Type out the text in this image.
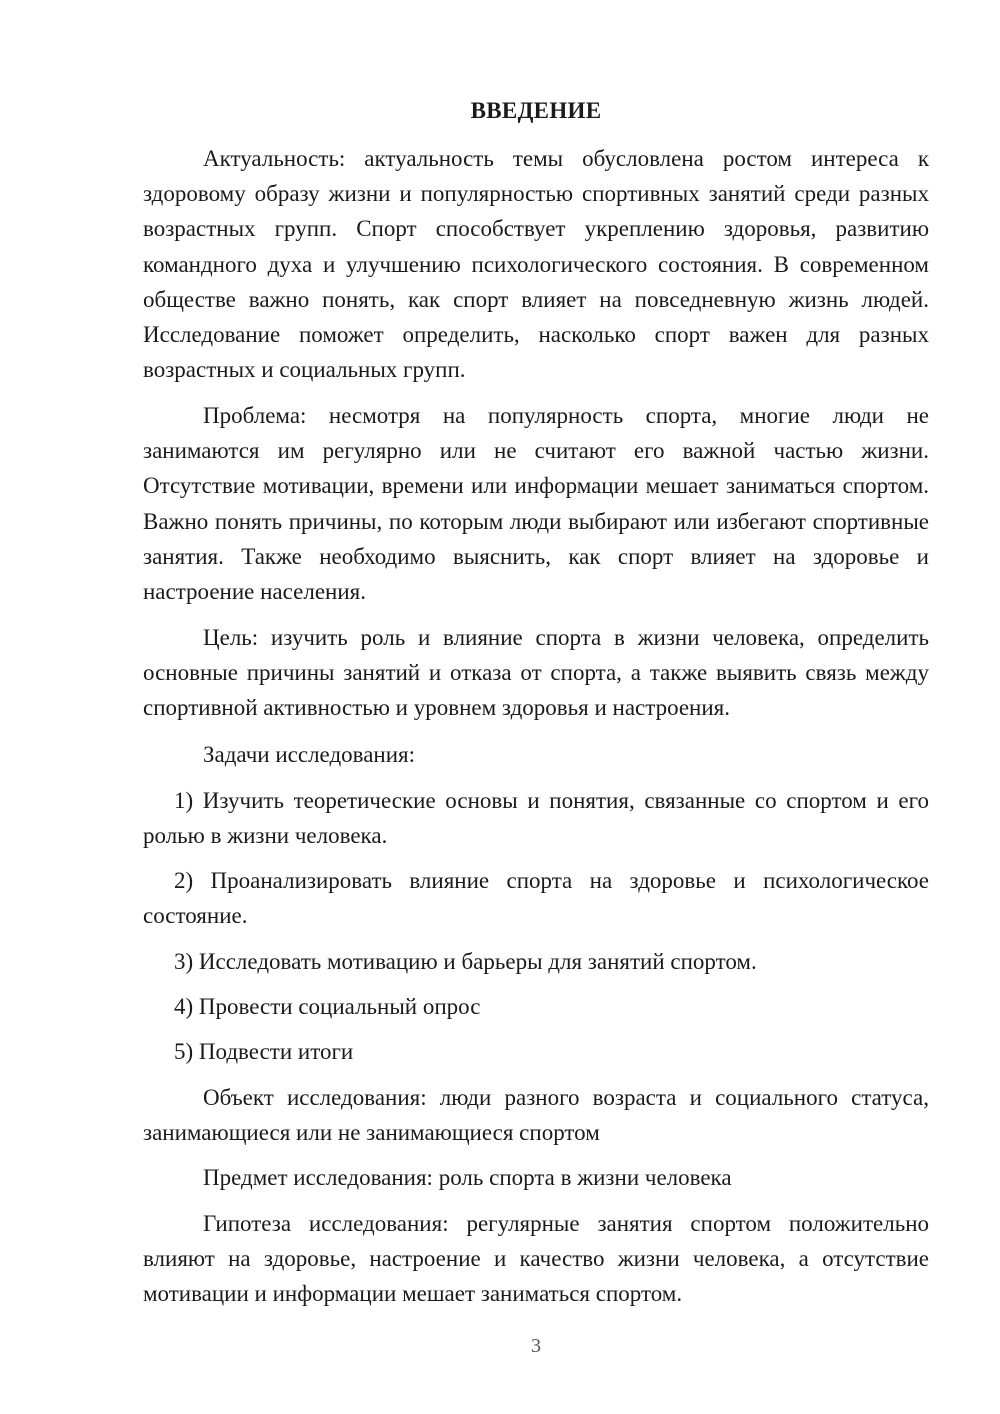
ВВЕДЕНИЕ

Актуальность: актуальность темы обусловлена ростом интереса к здоровому образу жизни и популярностью спортивных занятий среди разных возрастных групп. Спорт способствует укреплению здоровья, развитию командного духа и улучшению психологического состояния. В современном обществе важно понять, как спорт влияет на повседневную жизнь людей. Исследование поможет определить, насколько спорт важен для разных возрастных и социальных групп.

Проблема: несмотря на популярность спорта, многие люди не занимаются им регулярно или не считают его важной частью жизни. Отсутствие мотивации, времени или информации мешает заниматься спортом. Важно понять причины, по которым люди выбирают или избегают спортивные занятия. Также необходимо выяснить, как спорт влияет на здоровье и настроение населения.

Цель: изучить роль и влияние спорта в жизни человека, определить основные причины занятий и отказа от спорта, а также выявить связь между спортивной активностью и уровнем здоровья и настроения.

Задачи исследования:

1) Изучить теоретические основы и понятия, связанные со спортом и его ролью в жизни человека.

2) Проанализировать влияние спорта на здоровье и психологическое состояние.

3) Исследовать мотивацию и барьеры для занятий спортом.

4) Провести социальный опрос

5) Подвести итоги

Объект исследования: люди разного возраста и социального статуса, занимающиеся или не занимающиеся спортом

Предмет исследования: роль спорта в жизни человека

Гипотеза исследования: регулярные занятия спортом положительно влияют на здоровье, настроение и качество жизни человека, а отсутствие мотивации и информации мешает заниматься спортом.

3
